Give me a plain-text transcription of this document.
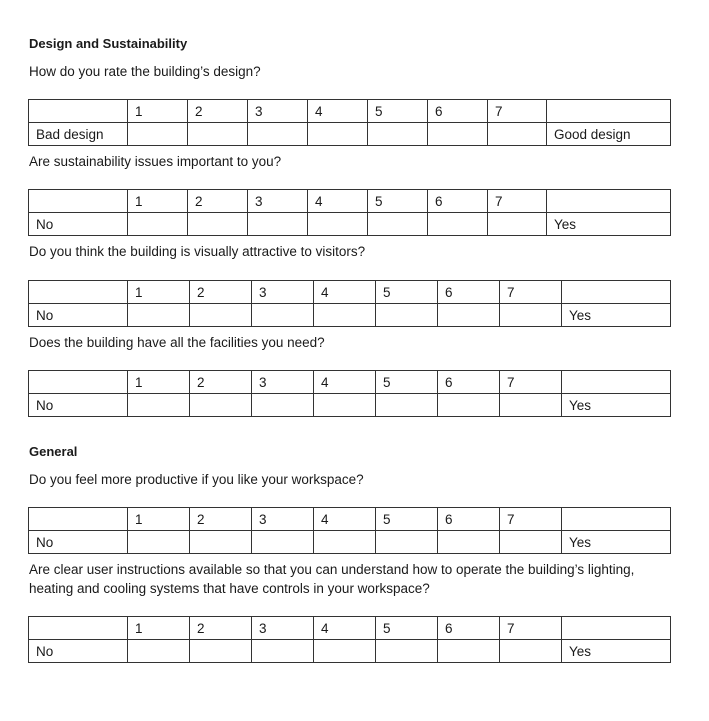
Design and Sustainability
How do you rate the building’s design?
	1	2	3	4	5	6	7	
Bad design								Good design
Are sustainability issues important to you?
	1	2	3	4	5	6	7	
No								Yes
Do you think the building is visually attractive to visitors?
	1	2	3	4	5	6	7	
No								Yes
Does the building have all the facilities you need?
	1	2	3	4	5	6	7	
No								Yes
General
Do you feel more productive if you like your workspace?
	1	2	3	4	5	6	7	
No								Yes
Are clear user instructions available so that you can understand how to operate the building’s lighting, heating and cooling systems that have controls in your workspace?
	1	2	3	4	5	6	7	
No								Yes
